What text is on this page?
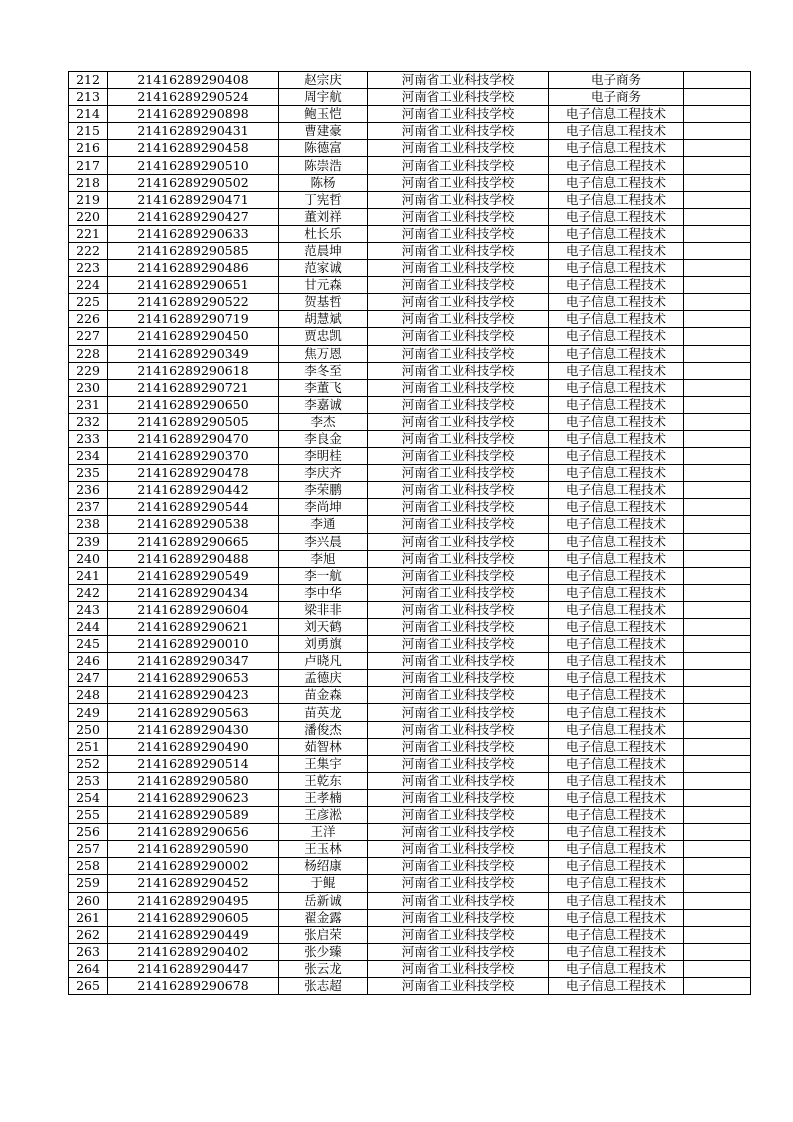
212	21416289290408	赵宗庆	河南省工业科技学校	电子商务	
213	21416289290524	周宇航	河南省工业科技学校	电子商务	
214	21416289290898	鲍玉恺	河南省工业科技学校	电子信息工程技术	
215	21416289290431	曹建豪	河南省工业科技学校	电子信息工程技术	
216	21416289290458	陈德富	河南省工业科技学校	电子信息工程技术	
217	21416289290510	陈崇浩	河南省工业科技学校	电子信息工程技术	
218	21416289290502	陈杨	河南省工业科技学校	电子信息工程技术	
219	21416289290471	丁宪哲	河南省工业科技学校	电子信息工程技术	
220	21416289290427	董刘祥	河南省工业科技学校	电子信息工程技术	
221	21416289290633	杜长乐	河南省工业科技学校	电子信息工程技术	
222	21416289290585	范晨坤	河南省工业科技学校	电子信息工程技术	
223	21416289290486	范家诚	河南省工业科技学校	电子信息工程技术	
224	21416289290651	甘元森	河南省工业科技学校	电子信息工程技术	
225	21416289290522	贺基哲	河南省工业科技学校	电子信息工程技术	
226	21416289290719	胡慧斌	河南省工业科技学校	电子信息工程技术	
227	21416289290450	贾忠凯	河南省工业科技学校	电子信息工程技术	
228	21416289290349	焦万恩	河南省工业科技学校	电子信息工程技术	
229	21416289290618	李冬至	河南省工业科技学校	电子信息工程技术	
230	21416289290721	李董飞	河南省工业科技学校	电子信息工程技术	
231	21416289290650	李嘉诚	河南省工业科技学校	电子信息工程技术	
232	21416289290505	李杰	河南省工业科技学校	电子信息工程技术	
233	21416289290470	李良金	河南省工业科技学校	电子信息工程技术	
234	21416289290370	李明桂	河南省工业科技学校	电子信息工程技术	
235	21416289290478	李庆齐	河南省工业科技学校	电子信息工程技术	
236	21416289290442	李荣鹏	河南省工业科技学校	电子信息工程技术	
237	21416289290544	李尚坤	河南省工业科技学校	电子信息工程技术	
238	21416289290538	李通	河南省工业科技学校	电子信息工程技术	
239	21416289290665	李兴晨	河南省工业科技学校	电子信息工程技术	
240	21416289290488	李旭	河南省工业科技学校	电子信息工程技术	
241	21416289290549	李一航	河南省工业科技学校	电子信息工程技术	
242	21416289290434	李中华	河南省工业科技学校	电子信息工程技术	
243	21416289290604	梁非非	河南省工业科技学校	电子信息工程技术	
244	21416289290621	刘天鹤	河南省工业科技学校	电子信息工程技术	
245	21416289290010	刘勇旗	河南省工业科技学校	电子信息工程技术	
246	21416289290347	卢晓凡	河南省工业科技学校	电子信息工程技术	
247	21416289290653	孟德庆	河南省工业科技学校	电子信息工程技术	
248	21416289290423	苗金森	河南省工业科技学校	电子信息工程技术	
249	21416289290563	苗英龙	河南省工业科技学校	电子信息工程技术	
250	21416289290430	潘俊杰	河南省工业科技学校	电子信息工程技术	
251	21416289290490	茹智林	河南省工业科技学校	电子信息工程技术	
252	21416289290514	王集宇	河南省工业科技学校	电子信息工程技术	
253	21416289290580	王乾东	河南省工业科技学校	电子信息工程技术	
254	21416289290623	王孝楠	河南省工业科技学校	电子信息工程技术	
255	21416289290589	王彦淞	河南省工业科技学校	电子信息工程技术	
256	21416289290656	王洋	河南省工业科技学校	电子信息工程技术	
257	21416289290590	王玉林	河南省工业科技学校	电子信息工程技术	
258	21416289290002	杨绍康	河南省工业科技学校	电子信息工程技术	
259	21416289290452	于鲲	河南省工业科技学校	电子信息工程技术	
260	21416289290495	岳新诚	河南省工业科技学校	电子信息工程技术	
261	21416289290605	翟金露	河南省工业科技学校	电子信息工程技术	
262	21416289290449	张启荣	河南省工业科技学校	电子信息工程技术	
263	21416289290402	张少臻	河南省工业科技学校	电子信息工程技术	
264	21416289290447	张云龙	河南省工业科技学校	电子信息工程技术	
265	21416289290678	张志超	河南省工业科技学校	电子信息工程技术	
